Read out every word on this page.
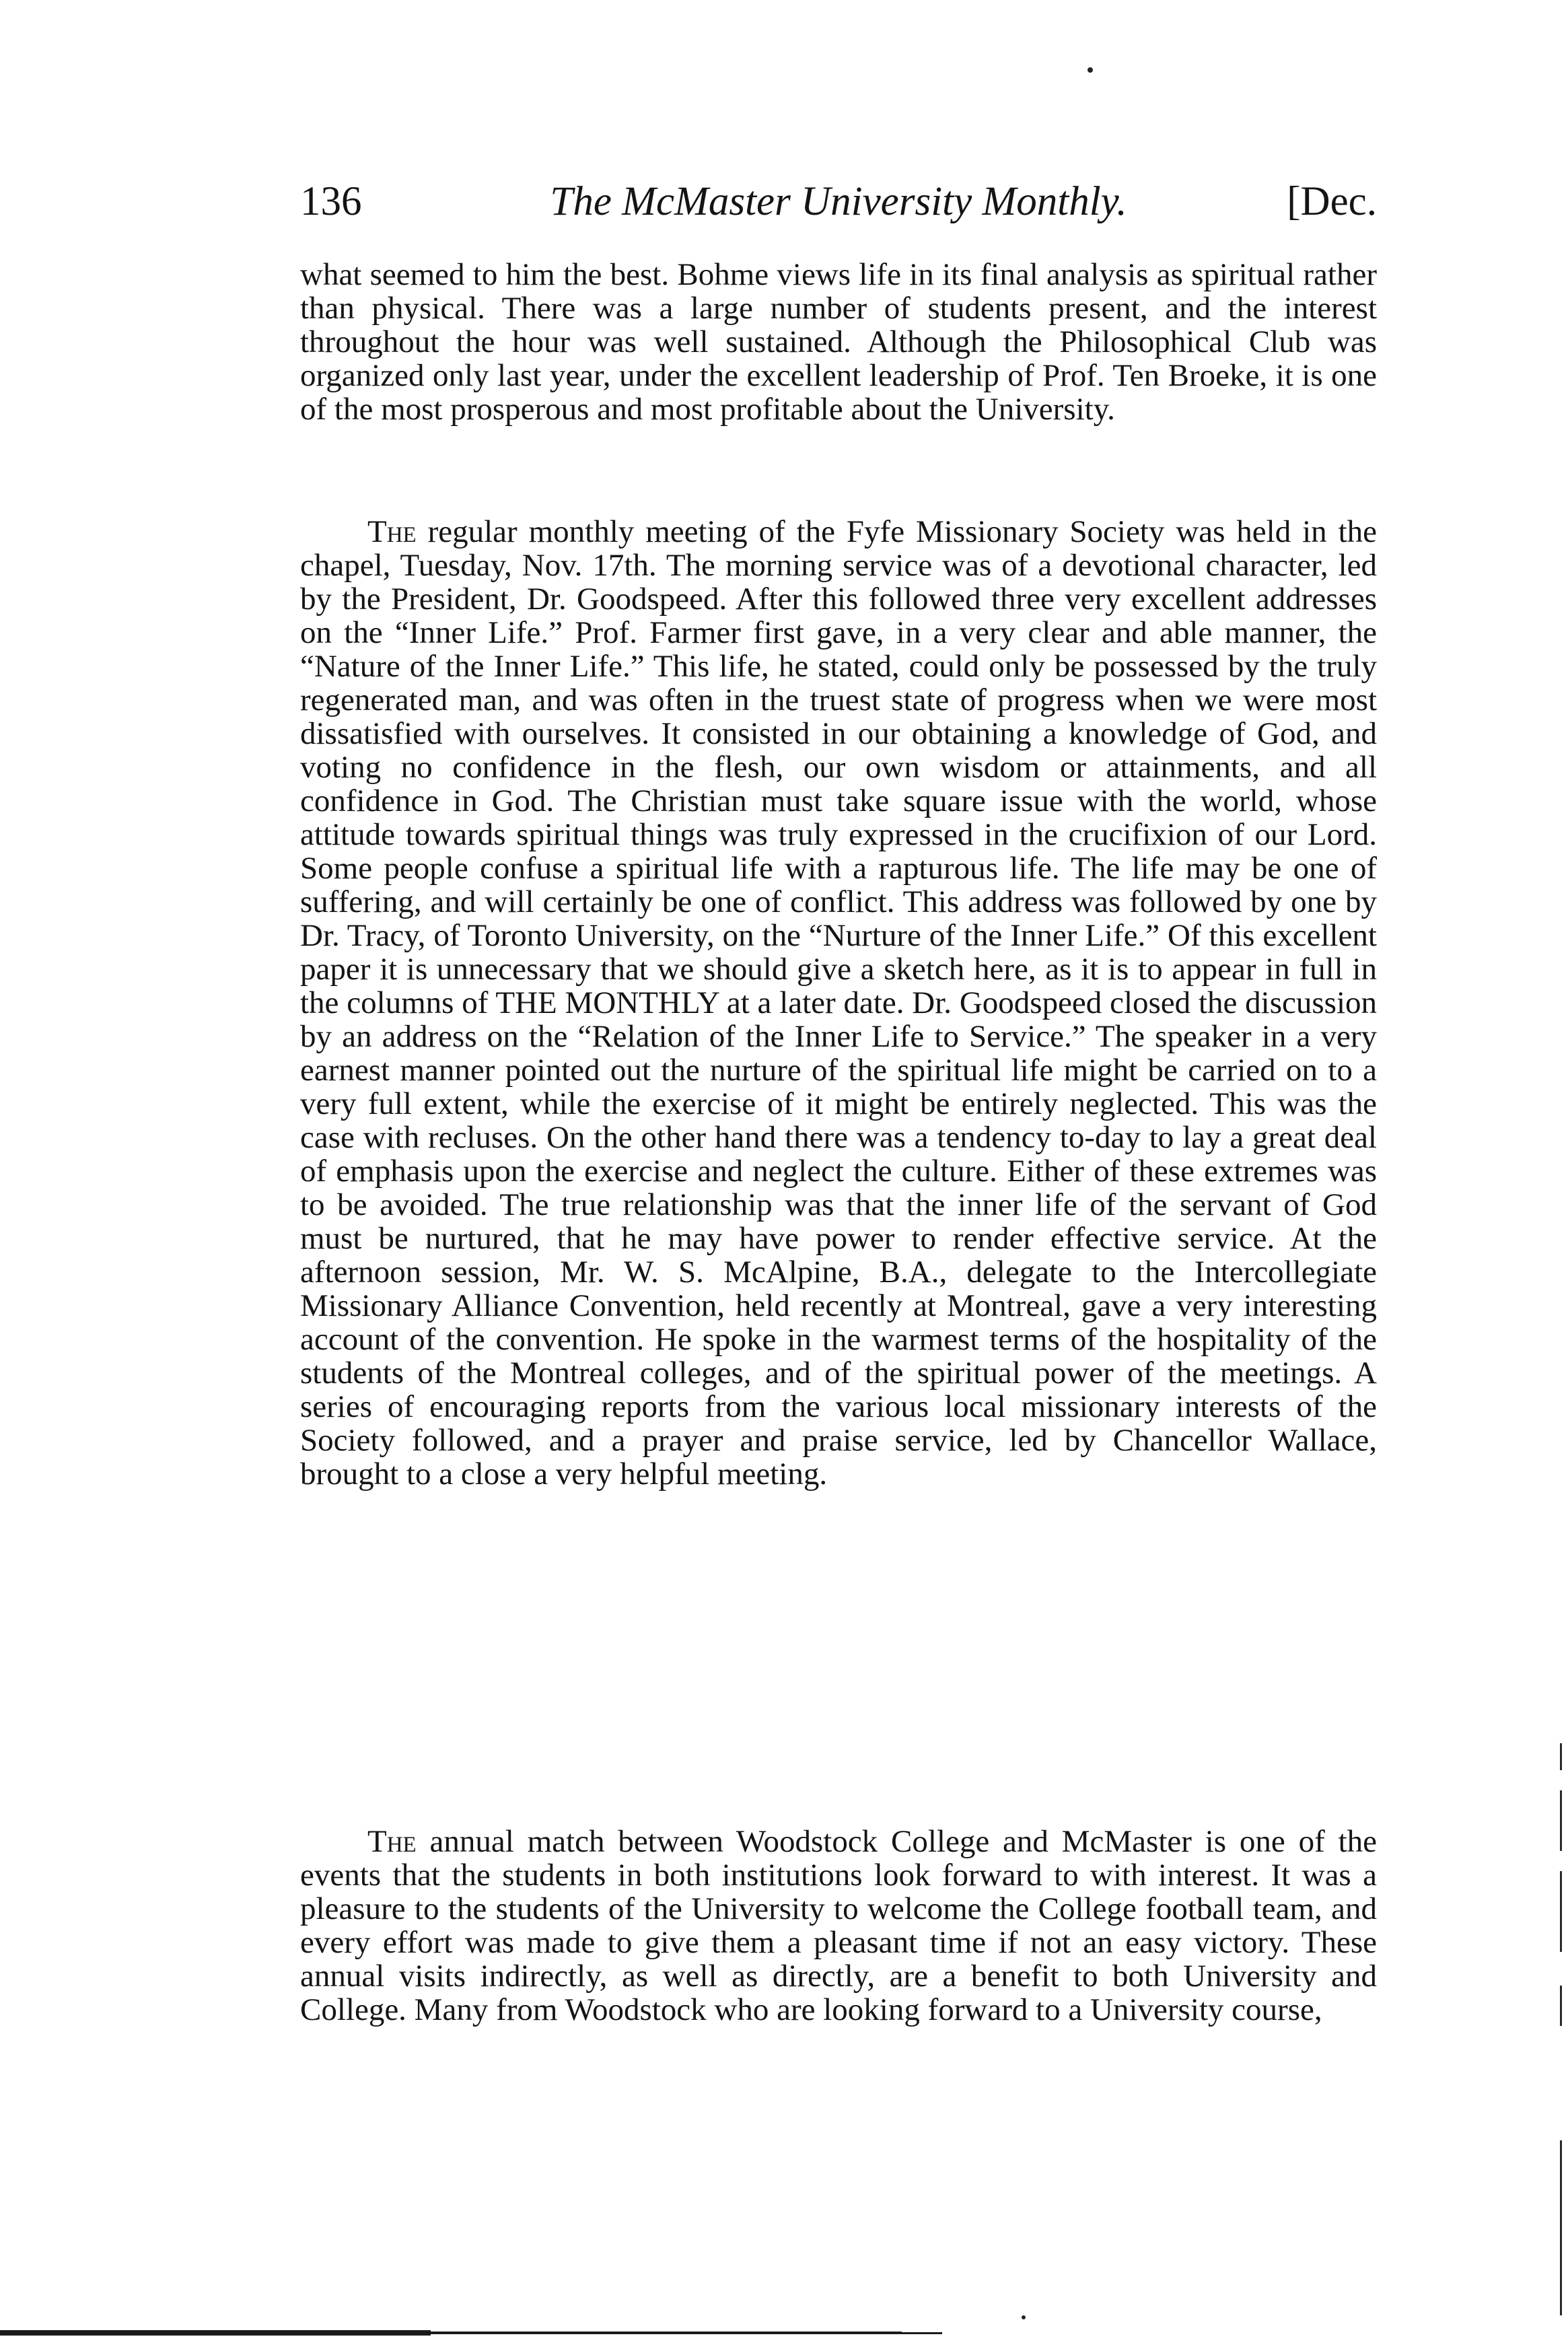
136	The McMaster University Monthly.	[Dec.

what seemed to him the best. Bohme views life in its final analysis as spiritual rather than physical. There was a large number of students present, and the interest throughout the hour was well sustained. Although the Philosophical Club was organized only last year, under the excellent leadership of Prof. Ten Broeke, it is one of the most prosperous and most profitable about the University.

The regular monthly meeting of the Fyfe Missionary Society was held in the chapel, Tuesday, Nov. 17th. The morning service was of a devotional character, led by the President, Dr. Goodspeed. After this followed three very excellent addresses on the “Inner Life.” Prof. Farmer first gave, in a very clear and able manner, the “Nature of the Inner Life.” This life, he stated, could only be possessed by the truly regenerated man, and was often in the truest state of progress when we were most dissatisfied with ourselves. It consisted in our obtaining a knowledge of God, and voting no confidence in the flesh, our own wisdom or attainments, and all confidence in God. The Christian must take square issue with the world, whose attitude towards spiritual things was truly expressed in the crucifixion of our Lord. Some people confuse a spiritual life with a rapturous life. The life may be one of suffering, and will certainly be one of conflict. This address was followed by one by Dr. Tracy, of Toronto University, on the “Nurture of the Inner Life.” Of this excellent paper it is unnecessary that we should give a sketch here, as it is to appear in full in the columns of THE MONTHLY at a later date. Dr. Goodspeed closed the discussion by an address on the “Relation of the Inner Life to Service.” The speaker in a very earnest manner pointed out the nurture of the spiritual life might be carried on to a very full extent, while the exercise of it might be entirely neglected. This was the case with recluses. On the other hand there was a tendency to-day to lay a great deal of emphasis upon the exercise and neglect the culture. Either of these extremes was to be avoided. The true relationship was that the inner life of the servant of God must be nurtured, that he may have power to render effective service. At the afternoon session, Mr. W. S. McAlpine, B.A., delegate to the Intercollegiate Missionary Alliance Convention, held recently at Montreal, gave a very interesting account of the convention. He spoke in the warmest terms of the hospitality of the students of the Montreal colleges, and of the spiritual power of the meetings. A series of encouraging reports from the various local missionary interests of the Society followed, and a prayer and praise service, led by Chancellor Wallace, brought to a close a very helpful meeting.

The annual match between Woodstock College and McMaster is one of the events that the students in both institutions look forward to with interest. It was a pleasure to the students of the University to welcome the College football team, and every effort was made to give them a pleasant time if not an easy victory. These annual visits indirectly, as well as directly, are a benefit to both University and College. Many from Woodstock who are looking forward to a University course,
